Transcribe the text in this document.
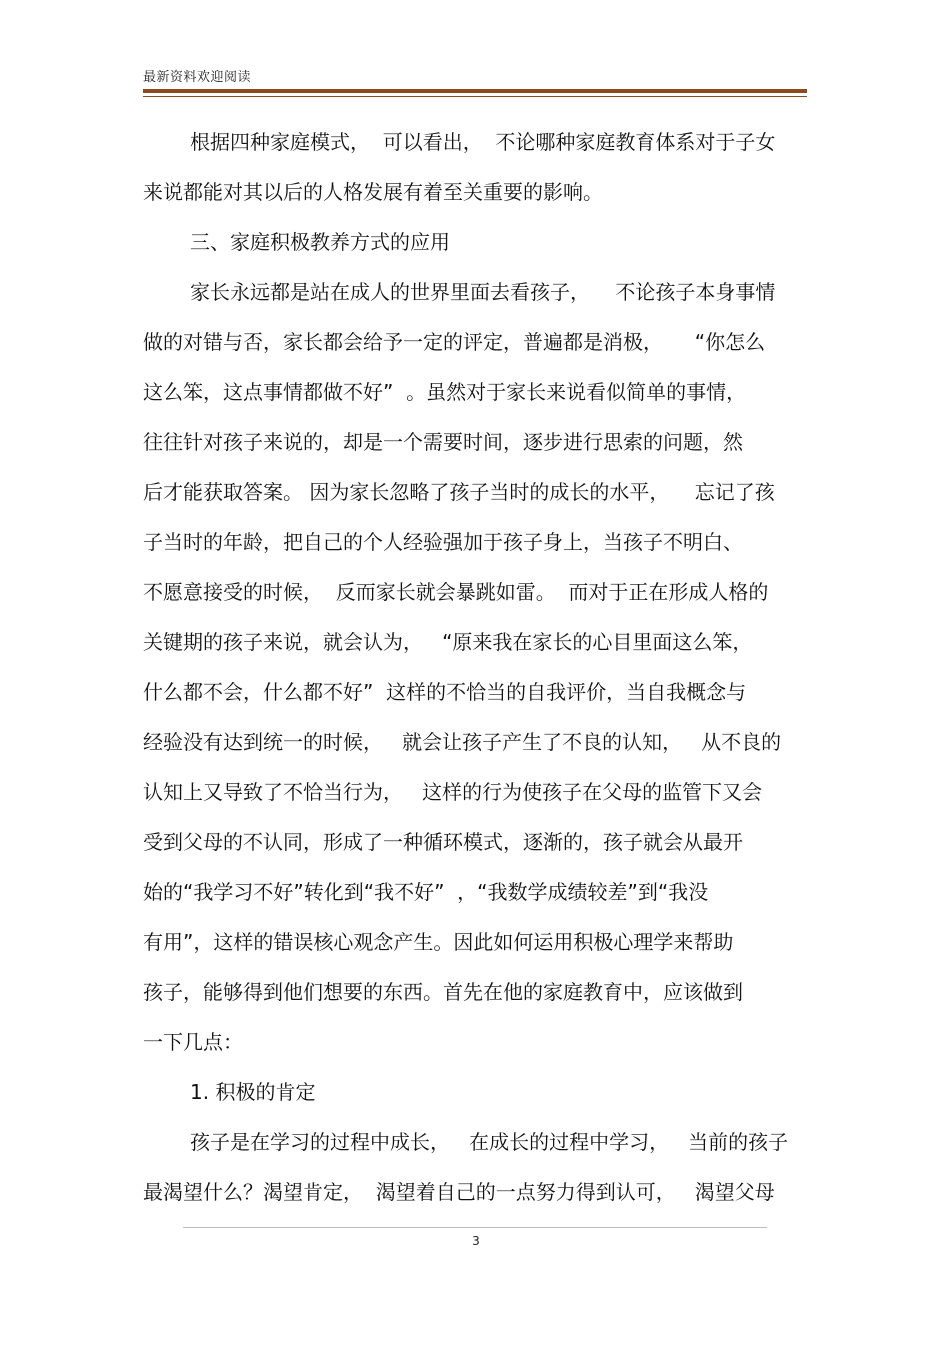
最新资料欢迎阅读
根据四种家庭模式，  可以看出，  不论哪种家庭教育体系对于子女
来说都能对其以后的人格发展有着至关重要的影响。
三、家庭积极教养方式的应用
家长永远都是站在成人的世界里面去看孩子，    不论孩子本身事情
做的对错与否，家长都会给予一定的评定，普遍都是消极，     “你怎么
这么笨，这点事情都做不好”  。虽然对于家长来说看似简单的事情，
往往针对孩子来说的，却是一个需要时间，逐步进行思索的问题，然
后才能获取答案。 因为家长忽略了孩子当时的成长的水平，    忘记了孩
子当时的年龄，把自己的个人经验强加于孩子身上，当孩子不明白、
不愿意接受的时候，  反而家长就会暴跳如雷。  而对于正在形成人格的
关键期的孩子来说，就会认为，   “原来我在家长的心目里面这么笨，
什么都不会，什么都不好”  这样的不恰当的自我评价，当自我概念与
经验没有达到统一的时候，   就会让孩子产生了不良的认知，   从不良的
认知上又导致了不恰当行为，   这样的行为使孩子在父母的监管下又会
受到父母的不认同，形成了一种循环模式，逐渐的，孩子就会从最开
始的“我学习不好”转化到“我不好”  ，“我数学成绩较差”到“我没
有用”，这样的错误核心观念产生。因此如何运用积极心理学来帮助
孩子，能够得到他们想要的东西。首先在他的家庭教育中，应该做到
一下几点：
1. 积极的肯定
孩子是在学习的过程中成长，   在成长的过程中学习，   当前的孩子
最渴望什么？渴望肯定，  渴望着自己的一点努力得到认可，   渴望父母
3
